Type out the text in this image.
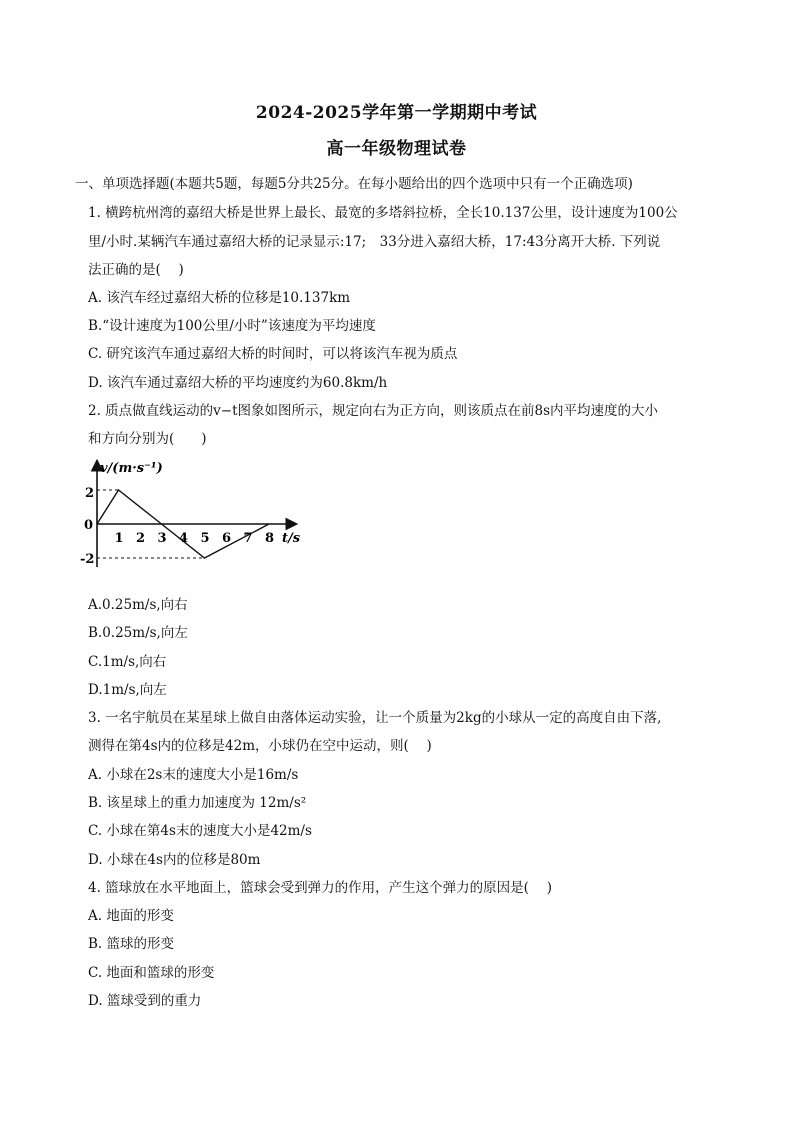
2024-2025学年第一学期期中考试
高一年级物理试卷
一、单项选择题(本题共5题，每题5分共25分。在每小题给出的四个选项中只有一个正确选项)
1. 横跨杭州湾的嘉绍大桥是世界上最长、最宽的多塔斜拉桥，全长10.137公里，设计速度为100公
里/小时.某辆汽车通过嘉绍大桥的记录显示:17;　33分进入嘉绍大桥，17:43分离开大桥. 下列说
法正确的是(　 )
A. 该汽车经过嘉绍大桥的位移是10.137km
B.“设计速度为100公里/小时”该速度为平均速度
C. 研究该汽车通过嘉绍大桥的时间时，可以将该汽车视为质点
D. 该汽车通过嘉绍大桥的平均速度约为60.8km/h
2. 质点做直线运动的v−t图象如图所示，规定向右为正方向，则该质点在前8s内平均速度的大小
和方向分别为(　　)
v/(m·s⁻¹)
t/s
0
2
-2
1 2 3 4 5 6 7 8
A.0.25m/s,向右
B.0.25m/s,向左
C.1m/s,向右
D.1m/s,向左
3. 一名宇航员在某星球上做自由落体运动实验，让一个质量为2kg的小球从一定的高度自由下落,
测得在第4s内的位移是42m，小球仍在空中运动，则(　 )
A. 小球在2s末的速度大小是16m/s
B. 该星球上的重力加速度为 12m/s²
C. 小球在第4s末的速度大小是42m/s
D. 小球在4s内的位移是80m
4. 篮球放在水平地面上，篮球会受到弹力的作用，产生这个弹力的原因是(　 )
A. 地面的形变
B. 篮球的形变
C. 地面和篮球的形变
D. 篮球受到的重力
